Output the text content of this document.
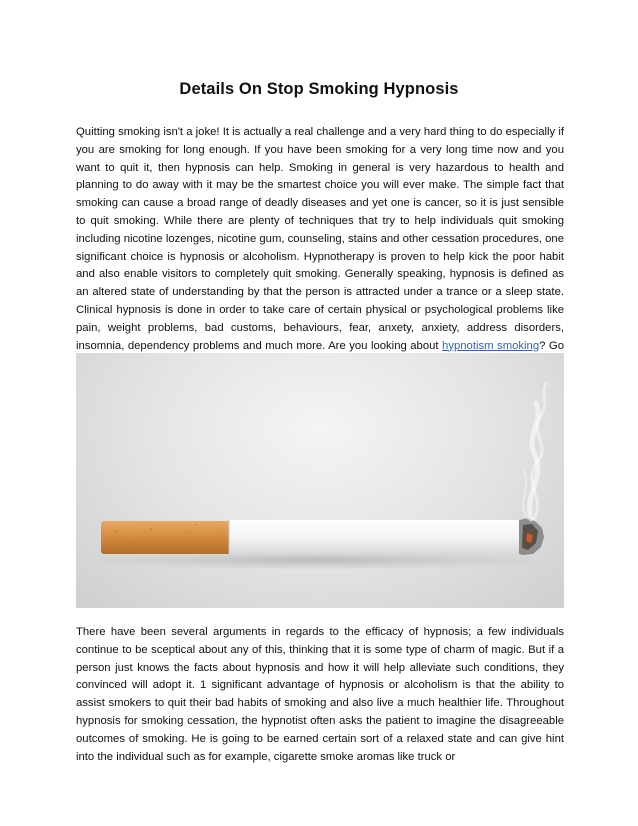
Details On Stop Smoking Hypnosis

Quitting smoking isn't a joke! It is actually a real challenge and a very hard thing to do especially if you are smoking for long enough. If you have been smoking for a very long time now and you want to quit it, then hypnosis can help. Smoking in general is very hazardous to health and planning to do away with it may be the smartest choice you will ever make. The simple fact that smoking can cause a broad range of deadly diseases and yet one is cancer, so it is just sensible to quit smoking. While there are plenty of techniques that try to help individuals quit smoking including nicotine lozenges, nicotine gum, counseling, stains and other cessation procedures, one significant choice is hypnosis or alcoholism. Hypnotherapy is proven to help kick the poor habit and also enable visitors to completely quit smoking. Generally speaking, hypnosis is defined as an altered state of understanding by that the person is attracted under a trance or a sleep state. Clinical hypnosis is done in order to take care of certain physical or psychological problems like pain, weight problems, bad customs, behaviours, fear, anxety, anxiety, address disorders, insomnia, dependency problems and much more. Are you looking about hypnotism smoking? Go

There have been several arguments in regards to the efficacy of hypnosis; a few individuals continue to be sceptical about any of this, thinking that it is some type of charm of magic. But if a person just knows the facts about hypnosis and how it will help alleviate such conditions, they convinced will adopt it. 1 significant advantage of hypnosis or alcoholism is that the ability to assist smokers to quit their bad habits of smoking and also live a much healthier life. Throughout hypnosis for smoking cessation, the hypnotist often asks the patient to imagine the disagreeable outcomes of smoking. He is going to be earned certain sort of a relaxed state and can give hint into the individual such as for example, cigarette smoke aromas like truck or
